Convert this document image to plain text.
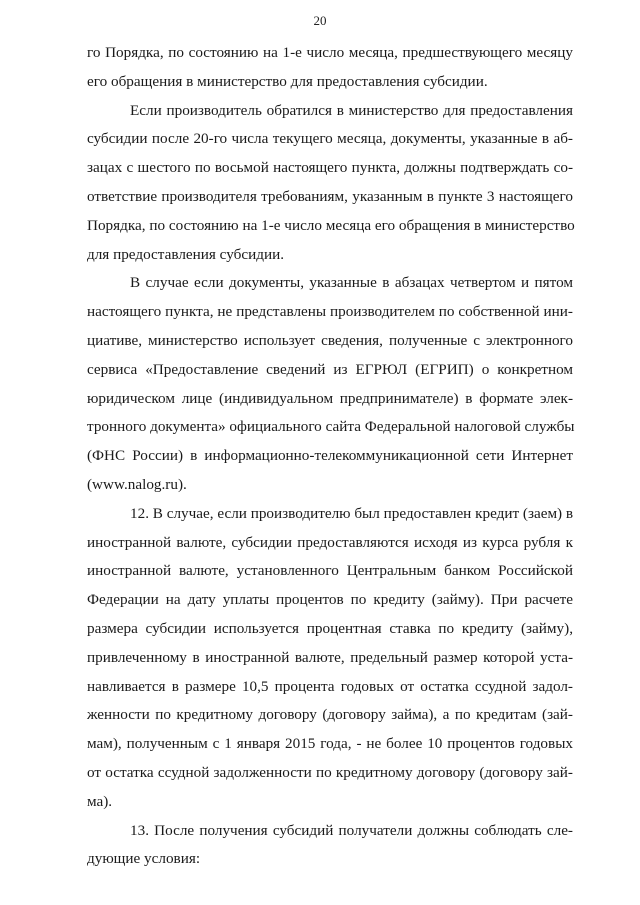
20
го Порядка, по состоянию на 1-е число месяца, предшествующего месяцу
его обращения в министерство для предоставления субсидии.
Если производитель обратился в министерство для предоставления
субсидии после 20-го числа текущего месяца, документы, указанные в аб-
зацах с шестого по восьмой настоящего пункта, должны подтверждать со-
ответствие производителя требованиям, указанным в пункте 3 настоящего
Порядка, по состоянию на 1-е число месяца его обращения в министерство
для предоставления субсидии.
В случае если документы, указанные в абзацах четвертом и пятом
настоящего пункта, не представлены производителем по собственной ини-
циативе, министерство использует сведения, полученные с электронного
сервиса «Предоставление сведений из ЕГРЮЛ (ЕГРИП) о конкретном
юридическом лице (индивидуальном предпринимателе) в формате элек-
тронного документа» официального сайта Федеральной налоговой службы
(ФНС России) в информационно-телекоммуникационной сети Интернет
(www.nalog.ru).
12. В случае, если производителю был предоставлен кредит (заем) в
иностранной валюте, субсидии предоставляются исходя из курса рубля к
иностранной валюте, установленного Центральным банком Российской
Федерации на дату уплаты процентов по кредиту (займу). При расчете
размера субсидии используется процентная ставка по кредиту (займу),
привлеченному в иностранной валюте, предельный размер которой уста-
навливается в размере 10,5 процента годовых от остатка ссудной задол-
женности по кредитному договору (договору займа), а по кредитам (зай-
мам), полученным с 1 января 2015 года, - не более 10 процентов годовых
от остатка ссудной задолженности по кредитному договору (договору зай-
ма).
13. После получения субсидий получатели должны соблюдать сле-
дующие условия:
